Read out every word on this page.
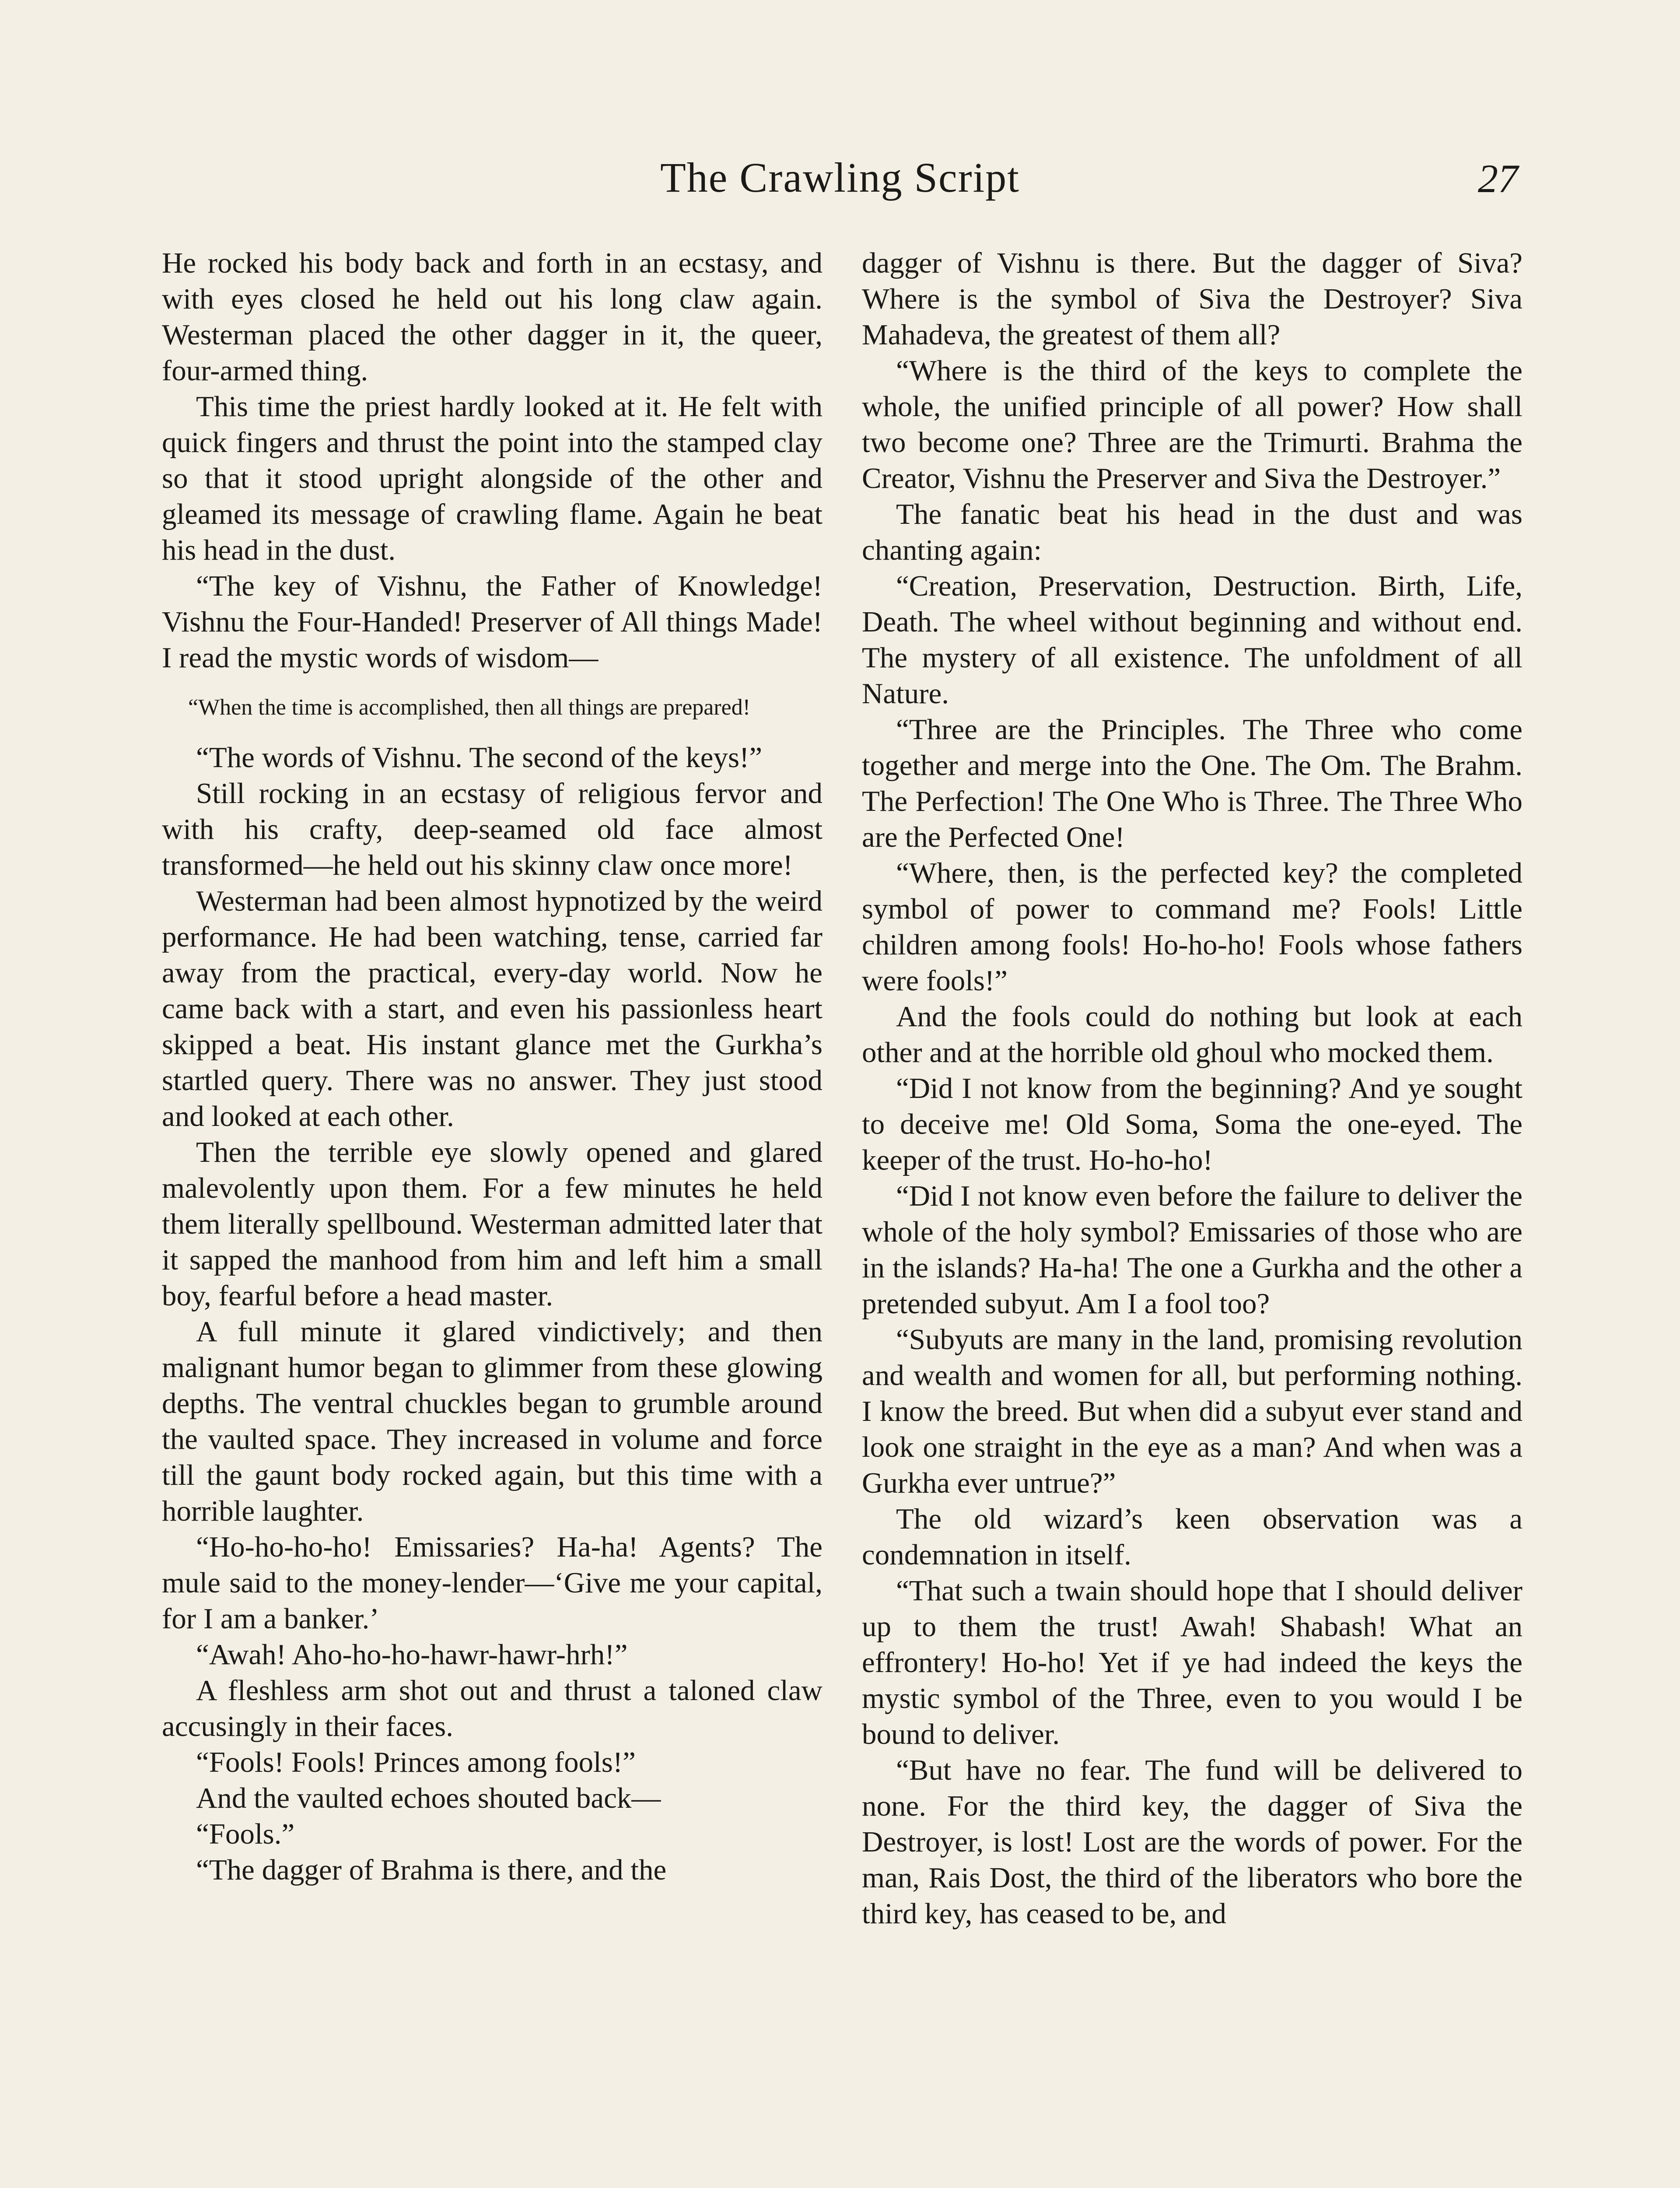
The Crawling Script	27

He rocked his body back and forth in an ecstasy, and with eyes closed he held out his long claw again. Westerman placed the other dagger in it, the queer, four-armed thing.

This time the priest hardly looked at it. He felt with quick fingers and thrust the point into the stamped clay so that it stood upright alongside of the other and gleamed its message of crawling flame. Again he beat his head in the dust.

“The key of Vishnu, the Father of Knowledge! Vishnu the Four-Handed! Preserver of All things Made! I read the mystic words of wisdom—

“When the time is accomplished, then all things are prepared!

“The words of Vishnu. The second of the keys!”

Still rocking in an ecstasy of religious fervor and with his crafty, deep-seamed old face almost transformed—he held out his skinny claw once more!

Westerman had been almost hypnotized by the weird performance. He had been watching, tense, carried far away from the practical, every-day world. Now he came back with a start, and even his passionless heart skipped a beat. His instant glance met the Gurkha’s startled query. There was no answer. They just stood and looked at each other.

Then the terrible eye slowly opened and glared malevolently upon them. For a few minutes he held them literally spellbound. Westerman admitted later that it sapped the manhood from him and left him a small boy, fearful before a head master.

A full minute it glared vindictively; and then malignant humor began to glimmer from these glowing depths. The ventral chuckles began to grumble around the vaulted space. They increased in volume and force till the gaunt body rocked again, but this time with a horrible laughter.

“Ho-ho-ho-ho! Emissaries? Ha-ha! Agents? The mule said to the money-lender—‘Give me your capital, for I am a banker.’

“Awah! Aho-ho-ho-hawr-hawr-hrh!”

A fleshless arm shot out and thrust a taloned claw accusingly in their faces.

“Fools! Fools! Princes among fools!”

And the vaulted echoes shouted back—

“Fools.”

“The dagger of Brahma is there, and the

dagger of Vishnu is there. But the dagger of Siva? Where is the symbol of Siva the Destroyer? Siva Mahadeva, the greatest of them all?

“Where is the third of the keys to complete the whole, the unified principle of all power? How shall two become one? Three are the Trimurti. Brahma the Creator, Vishnu the Preserver and Siva the Destroyer.”

The fanatic beat his head in the dust and was chanting again:

“Creation, Preservation, Destruction. Birth, Life, Death. The wheel without beginning and without end. The mystery of all existence. The unfoldment of all Nature.

“Three are the Principles. The Three who come together and merge into the One. The Om. The Brahm. The Perfection! The One Who is Three. The Three Who are the Perfected One!

“Where, then, is the perfected key? the completed symbol of power to command me? Fools! Little children among fools! Ho-ho-ho! Fools whose fathers were fools!”

And the fools could do nothing but look at each other and at the horrible old ghoul who mocked them.

“Did I not know from the beginning? And ye sought to deceive me! Old Soma, Soma the one-eyed. The keeper of the trust. Ho-ho-ho!

“Did I not know even before the failure to deliver the whole of the holy symbol? Emissaries of those who are in the islands? Ha-ha! The one a Gurkha and the other a pretended subyut. Am I a fool too?

“Subyuts are many in the land, promising revolution and wealth and women for all, but performing nothing. I know the breed. But when did a subyut ever stand and look one straight in the eye as a man? And when was a Gurkha ever untrue?”

The old wizard’s keen observation was a condemnation in itself.

“That such a twain should hope that I should deliver up to them the trust! Awah! Shabash! What an effrontery! Ho-ho! Yet if ye had indeed the keys the mystic symbol of the Three, even to you would I be bound to deliver.

“But have no fear. The fund will be delivered to none. For the third key, the dagger of Siva the Destroyer, is lost! Lost are the words of power. For the man, Rais Dost, the third of the liberators who bore the third key, has ceased to be, and
